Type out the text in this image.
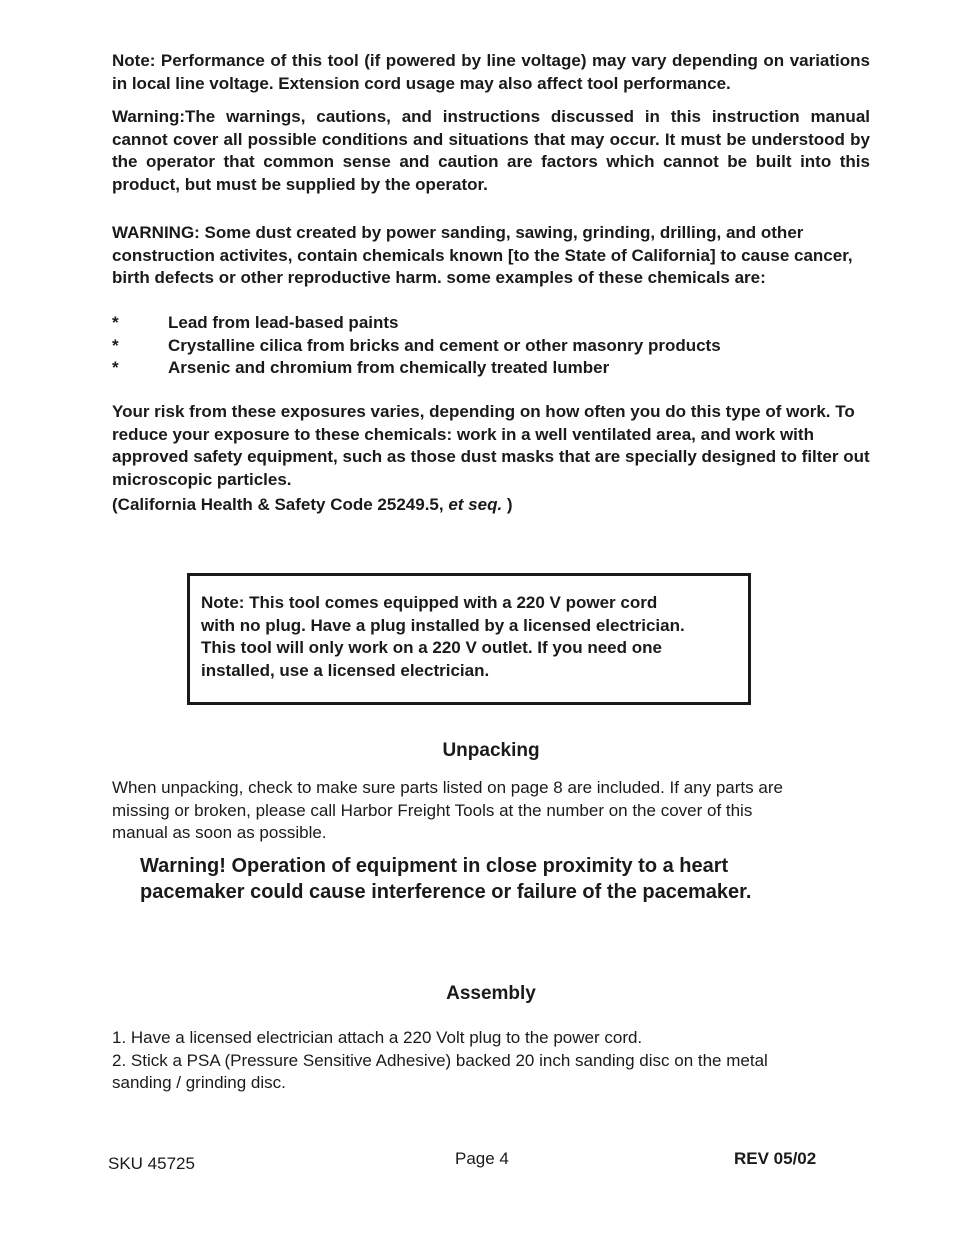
Note: Performance of this tool (if powered by line voltage) may vary depending on variations in local line voltage. Extension cord usage may also affect tool performance.
Warning:The warnings, cautions, and instructions discussed in this instruction manual cannot cover all possible conditions and situations that may occur. It must be understood by the operator that common sense and caution are factors which cannot be built into this product, but must be supplied by the operator.
WARNING: Some dust created by power sanding, sawing, grinding, drilling, and other construction activites, contain chemicals known [to the State of California] to cause cancer, birth defects or other reproductive harm. some examples of these chemicals are:
*	Lead from lead-based paints
*	Crystalline cilica from bricks and cement or other masonry products
*	Arsenic and chromium from chemically treated lumber
Your risk from these exposures varies, depending on how often you do this type of work. To reduce your exposure to these chemicals: work in a well ventilated area, and work with approved safety equipment, such as those dust masks that are specially designed to filter out microscopic particles.
(California Health & Safety Code 25249.5, et seq. )
Note: This tool comes equipped with a 220 V power cord
with no plug. Have a plug installed by a licensed electrician.
This tool will only work on a 220 V outlet. If you need one
installed, use a licensed electrician.
Unpacking
When unpacking, check to make sure parts listed on page 8 are included. If any parts are
missing or broken, please call Harbor Freight Tools at the number on the cover of this
manual as soon as possible.
Warning! Operation of equipment in close proximity to a heart
pacemaker could cause interference or failure of the pacemaker.
Assembly
1. Have a licensed electrician attach a 220 Volt plug to the power cord.
2. Stick a PSA (Pressure Sensitive Adhesive) backed 20 inch sanding disc on the metal
sanding / grinding disc.
SKU 45725	Page 4	REV 05/02
